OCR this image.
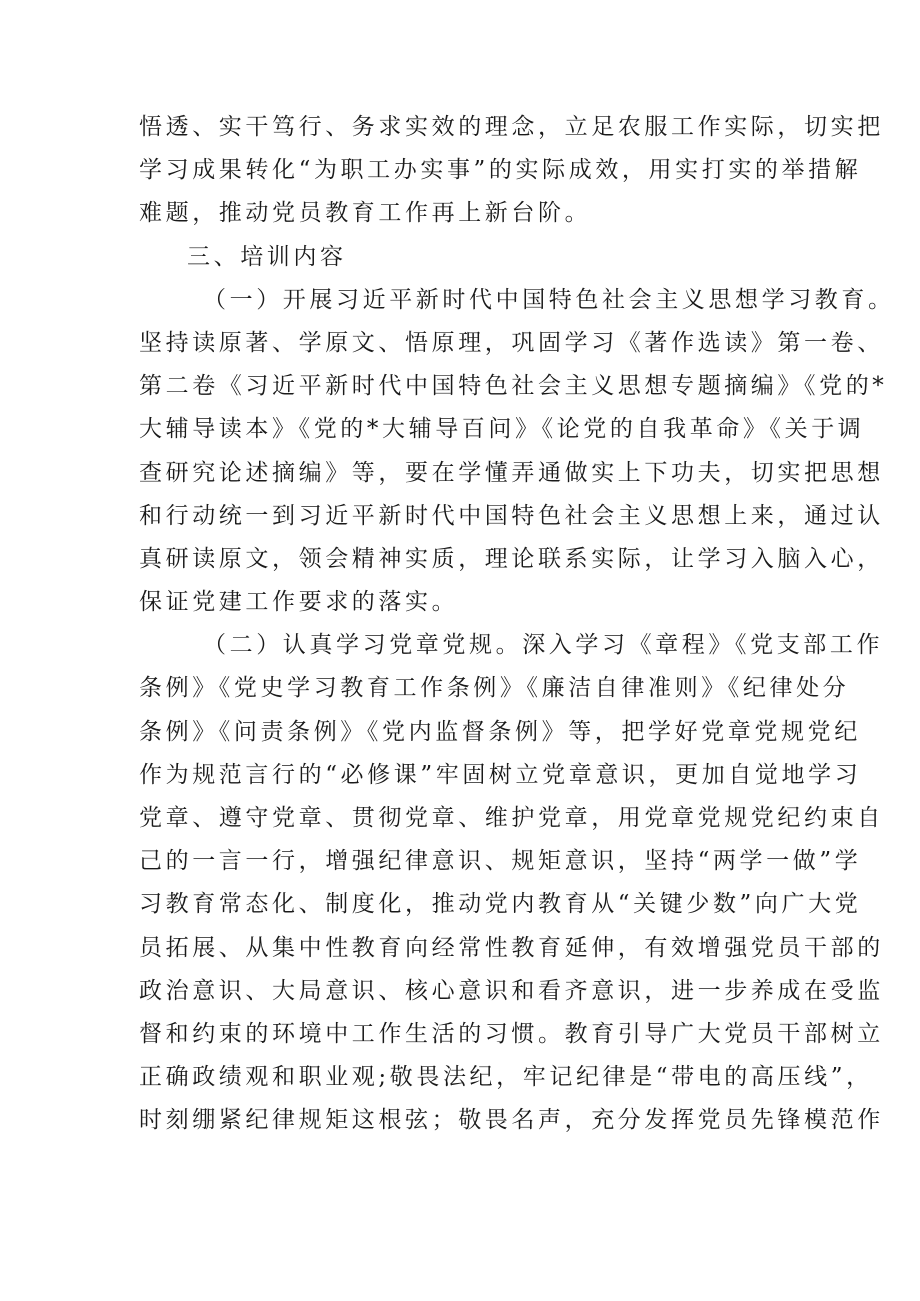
悟透、实干笃行、务求实效的理念，立足农服工作实际，切实把
学习成果转化“为职工办实事”的实际成效，用实打实的举措解
难题，推动党员教育工作再上新台阶。
三、培训内容
（一）开展习近平新时代中国特色社会主义思想学习教育。
坚持读原著、学原文、悟原理，巩固学习《著作选读》第一卷、
第二卷《习近平新时代中国特色社会主义思想专题摘编》《党的*
大辅导读本》《党的*大辅导百问》《论党的自我革命》《关于调
查研究论述摘编》等，要在学懂弄通做实上下功夫，切实把思想
和行动统一到习近平新时代中国特色社会主义思想上来，通过认
真研读原文，领会精神实质，理论联系实际，让学习入脑入心，
保证党建工作要求的落实。
（二）认真学习党章党规。深入学习《章程》《党支部工作
条例》《党史学习教育工作条例》《廉洁自律准则》《纪律处分
条例》《问责条例》《党内监督条例》等，把学好党章党规党纪
作为规范言行的“必修课”牢固树立党章意识，更加自觉地学习
党章、遵守党章、贯彻党章、维护党章，用党章党规党纪约束自
己的一言一行，增强纪律意识、规矩意识，坚持“两学一做”学
习教育常态化、制度化，推动党内教育从“关键少数”向广大党
员拓展、从集中性教育向经常性教育延伸，有效增强党员干部的
政治意识、大局意识、核心意识和看齐意识，进一步养成在受监
督和约束的环境中工作生活的习惯。教育引导广大党员干部树立
正确政绩观和职业观;敬畏法纪，牢记纪律是“带电的高压线”，
时刻绷紧纪律规矩这根弦；敬畏名声，充分发挥党员先锋模范作
